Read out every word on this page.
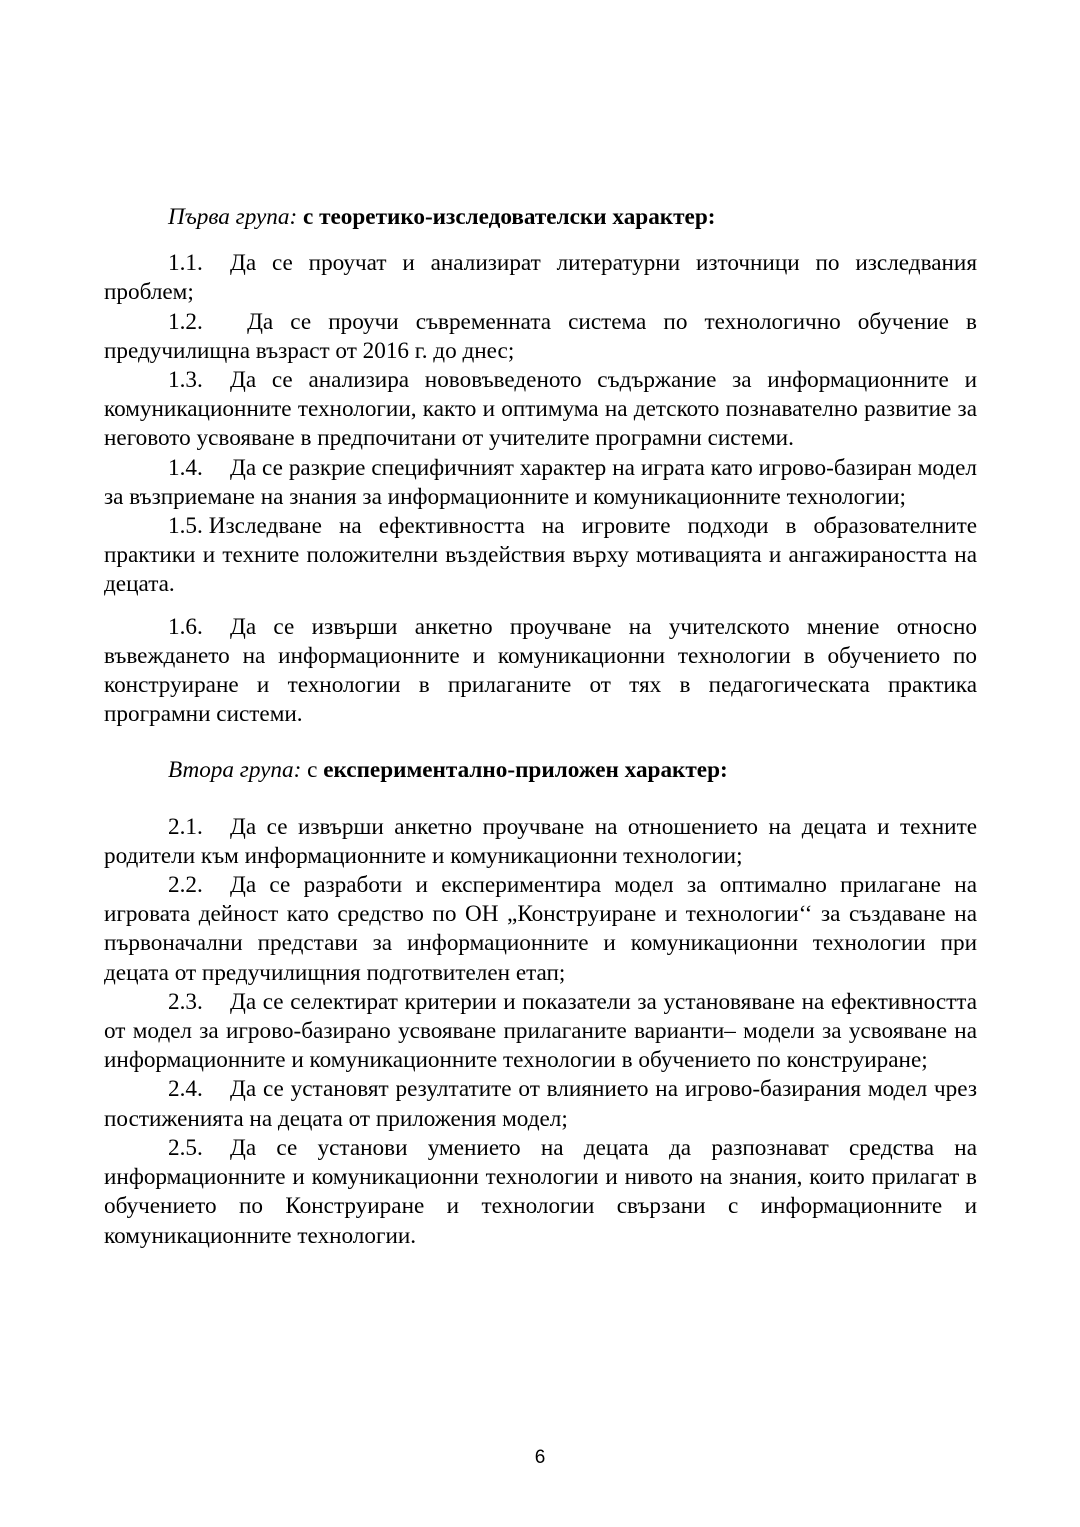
Първа група: с теоретико-изследователски характер:

1.1. Да се проучат и анализират литературни източници по изследвания проблем;

1.2. Да се проучи съвременната система по технологично обучение в предучилищна възраст от 2016 г. до днес;

1.3. Да се анализира нововъведеното съдържание за информационните и комуникационните технологии, както и оптимума на детското познавателно развитие за неговото усвояване в предпочитани от учителите програмни системи.

1.4. Да се разкрие специфичният характер на играта като игрово-базиран модел за възприемане на знания за информационните и комуникационните технологии;

1.5. Изследване на ефективността на игровите подходи в образователните практики и техните положителни въздействия върху мотивацията и ангажираността на децата.

1.6. Да се извърши анкетно проучване на учителското мнение относно въвеждането на информационните и комуникационни технологии в обучението по конструиране и технологии в прилаганите от тях в педагогическата практика програмни системи.

Втора група: с експериментално-приложен характер:

2.1. Да се извърши анкетно проучване на отношението на децата и техните родители към информационните и комуникационни технологии;

2.2. Да се разработи и експериментира модел за оптимално прилагане на игровата дейност като средство по ОН „Конструиране и технологии‘‘ за създаване на първоначални представи за информационните и комуникационни технологии при децата от предучилищния подготвителен етап;

2.3. Да се селектират критерии и показатели за установяване на ефективността от модел за игрово-базирано усвояване прилаганите варианти– модели за усвояване на информационните и комуникационните технологии в обучението по конструиране;

2.4. Да се установят резултатите от влиянието на игрово-базирания модел чрез постиженията на децата от приложения модел;

2.5. Да се установи умението на децата да разпознават средства на информационните и комуникационни технологии и нивото на знания, които прилагат в обучението по Конструиране и технологии свързани с информационните и комуникационните технологии.

6
